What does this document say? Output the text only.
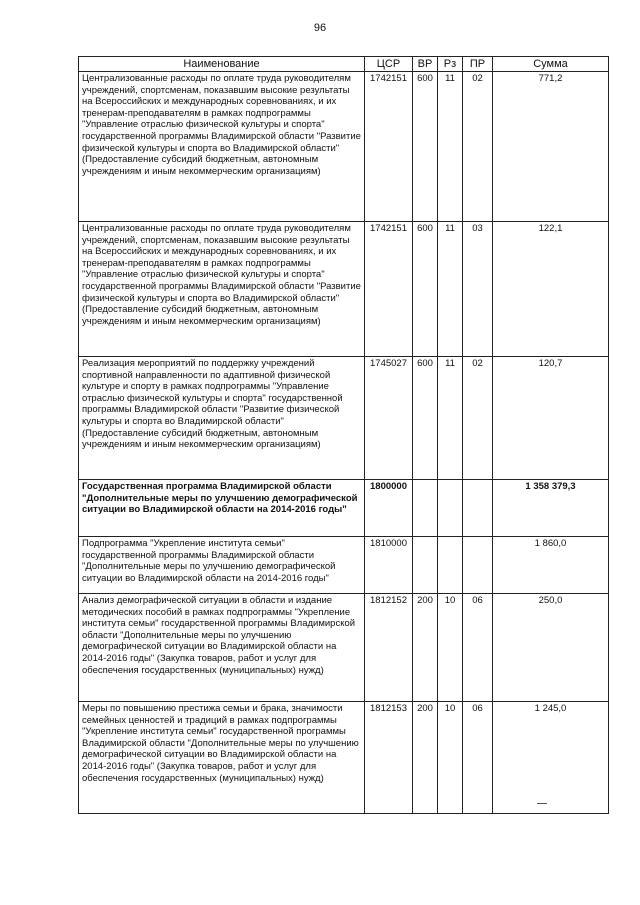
96
Наименование	ЦСР	ВР	Рз	ПР	Сумма
Централизованные расходы по оплате труда руководителям учреждений, спортсменам, показавшим высокие результаты на Всероссийских и международных соревнованиях, и их тренерам-преподавателям в рамках подпрограммы "Управление отраслью физической культуры и спорта" государственной программы Владимирской области "Развитие физической культуры и спорта во Владимирской области" (Предоставление субсидий бюджетным, автономным учреждениям и иным некоммерческим организациям)	1742151	600	11	02	771,2
Централизованные расходы по оплате труда руководителям учреждений, спортсменам, показавшим высокие результаты на Всероссийских и международных соревнованиях, и их тренерам-преподавателям в рамках подпрограммы "Управление отраслью физической культуры и спорта" государственной программы Владимирской области "Развитие физической культуры и спорта во Владимирской области" (Предоставление субсидий бюджетным, автономным учреждениям и иным некоммерческим организациям)	1742151	600	11	03	122,1
Реализация мероприятий по поддержку учреждений спортивной направленности по адаптивной физической культуре и спорту в рамках подпрограммы "Управление отраслью физической культуры и спорта" государственной программы Владимирской области "Развитие физической культуры и спорта во Владимирской области" (Предоставление субсидий бюджетным, автономным учреждениям и иным некоммерческим организациям)	1745027	600	11	02	120,7
Государственная программа Владимирской области "Дополнительные меры по улучшению демографической ситуации во Владимирской области на 2014-2016 годы"	1800000				1 358 379,3
Подпрограмма "Укрепление института семьи" государственной программы Владимирской области "Дополнительные меры по улучшению демографической ситуации во Владимирской области на 2014-2016 годы"	1810000				1 860,0
Анализ демографической ситуации в области и издание методических пособий в рамках подпрограммы "Укрепление института семьи" государственной программы Владимирской области "Дополнительные меры по улучшению демографической ситуации во Владимирской области на 2014-2016 годы" (Закупка товаров, работ и услуг для обеспечения государственных (муниципальных) нужд)	1812152	200	10	06	250,0
Меры по повышению престижа семьи и брака, значимости семейных ценностей и традиций в рамках подпрограммы "Укрепление института семьи" государственной программы Владимирской области "Дополнительные меры по улучшению демографической ситуации во Владимирской области на 2014-2016 годы" (Закупка товаров, работ и услуг для обеспечения государственных (муниципальных) нужд)	1812153	200	10	06	1 245,0
